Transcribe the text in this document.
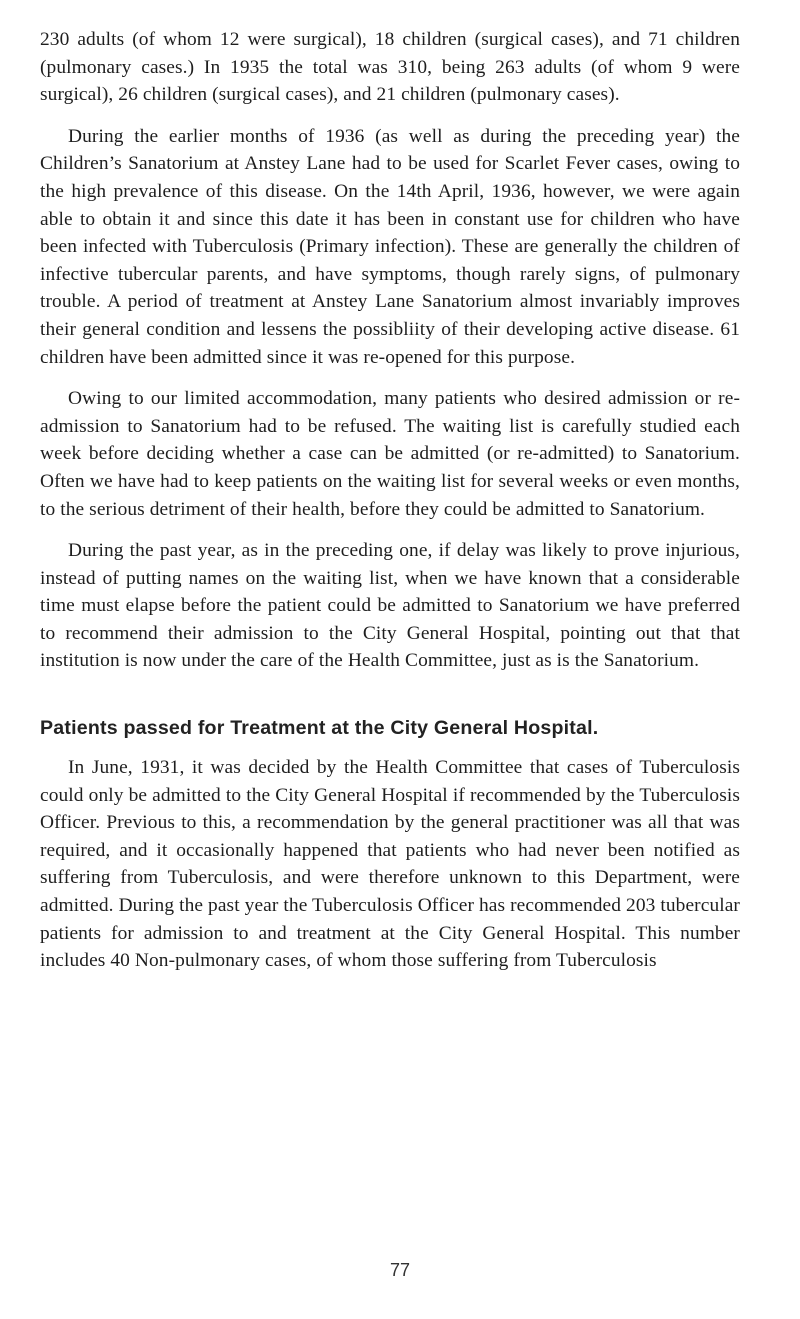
230 adults (of whom 12 were surgical), 18 children (surgical cases), and 71 children (pulmonary cases.) In 1935 the total was 310, being 263 adults (of whom 9 were surgical), 26 children (surgical cases), and 21 children (pulmonary cases).

During the earlier months of 1936 (as well as during the preceding year) the Children’s Sanatorium at Anstey Lane had to be used for Scarlet Fever cases, owing to the high prevalence of this disease. On the 14th April, 1936, however, we were again able to obtain it and since this date it has been in constant use for children who have been infected with Tuberculosis (Primary infection). These are generally the children of infective tubercular parents, and have symptoms, though rarely signs, of pulmonary trouble. A period of treatment at Anstey Lane Sanatorium almost invariably improves their general condition and lessens the possibliity of their developing active disease. 61 children have been admitted since it was re-opened for this purpose.

Owing to our limited accommodation, many patients who desired admission or re-admission to Sanatorium had to be refused. The waiting list is carefully studied each week before deciding whether a case can be admitted (or re-admitted) to Sanatorium. Often we have had to keep patients on the waiting list for several weeks or even months, to the serious detriment of their health, before they could be admitted to Sanatorium.

During the past year, as in the preceding one, if delay was likely to prove injurious, instead of putting names on the waiting list, when we have known that a considerable time must elapse before the patient could be admitted to Sanatorium we have preferred to recommend their admission to the City General Hospital, pointing out that that institution is now under the care of the Health Committee, just as is the Sanatorium.

Patients passed for Treatment at the City General Hospital.

In June, 1931, it was decided by the Health Committee that cases of Tuberculosis could only be admitted to the City General Hospital if recommended by the Tuberculosis Officer. Previous to this, a recommendation by the general practitioner was all that was required, and it occasionally happened that patients who had never been notified as suffering from Tuberculosis, and were therefore unknown to this Department, were admitted. During the past year the Tuberculosis Officer has recommended 203 tubercular patients for admission to and treatment at the City General Hospital. This number includes 40 Non-pulmonary cases, of whom those suffering from Tuberculosis

77
